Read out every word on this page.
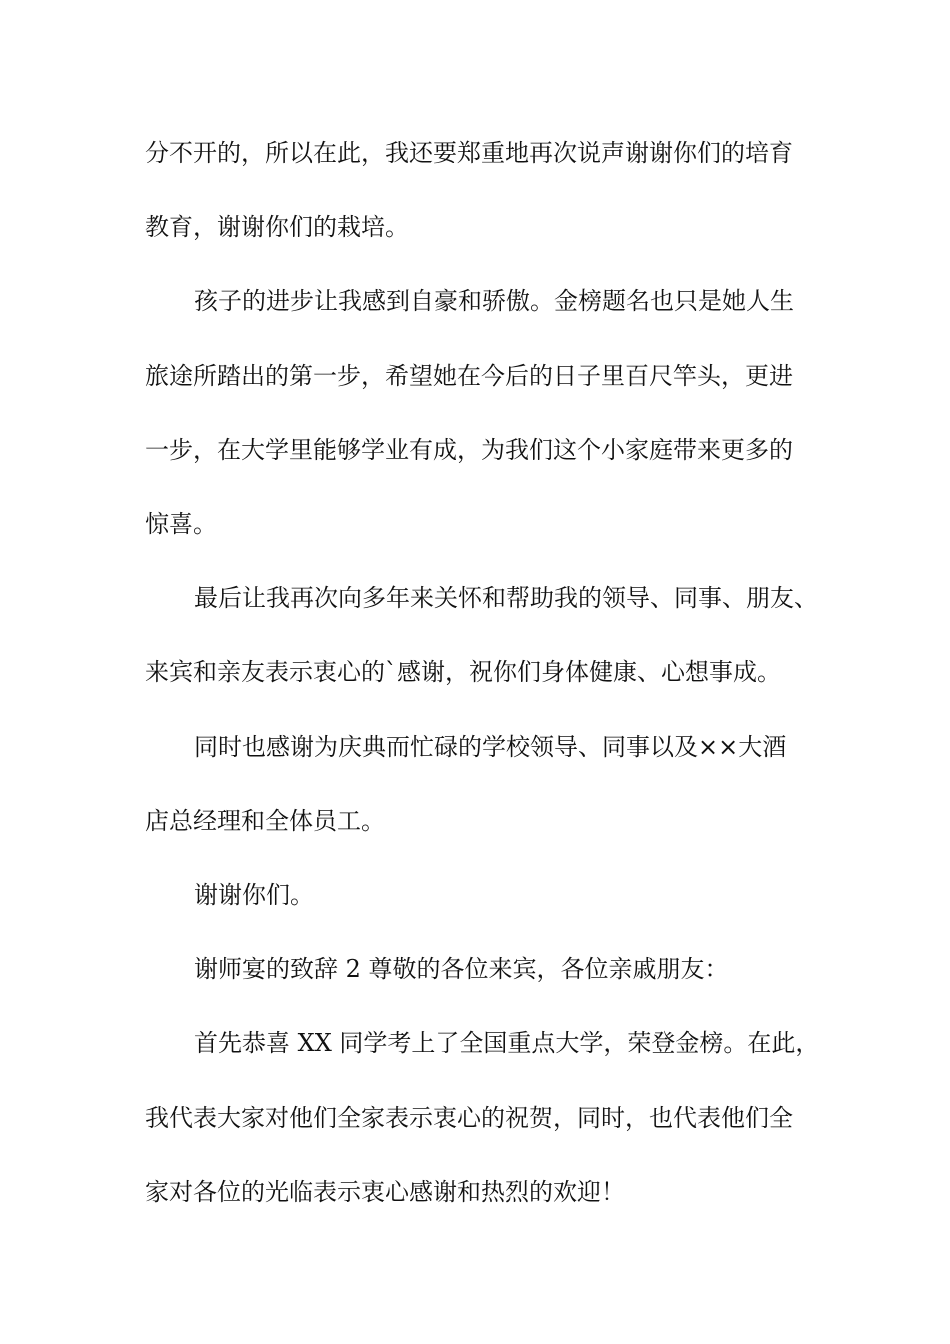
分不开的，所以在此，我还要郑重地再次说声谢谢你们的培育

教育，谢谢你们的栽培。

孩子的进步让我感到自豪和骄傲。金榜题名也只是她人生

旅途所踏出的第一步，希望她在今后的日子里百尺竿头，更进

一步，在大学里能够学业有成，为我们这个小家庭带来更多的

惊喜。

最后让我再次向多年来关怀和帮助我的领导、同事、朋友、

来宾和亲友表示衷心的`感谢，祝你们身体健康、心想事成。

同时也感谢为庆典而忙碌的学校领导、同事以及××大酒

店总经理和全体员工。

谢谢你们。

谢师宴的致辞 2 尊敬的各位来宾，各位亲戚朋友：

首先恭喜 XX 同学考上了全国重点大学，荣登金榜。在此，

我代表大家对他们全家表示衷心的祝贺，同时，也代表他们全

家对各位的光临表示衷心感谢和热烈的欢迎！
